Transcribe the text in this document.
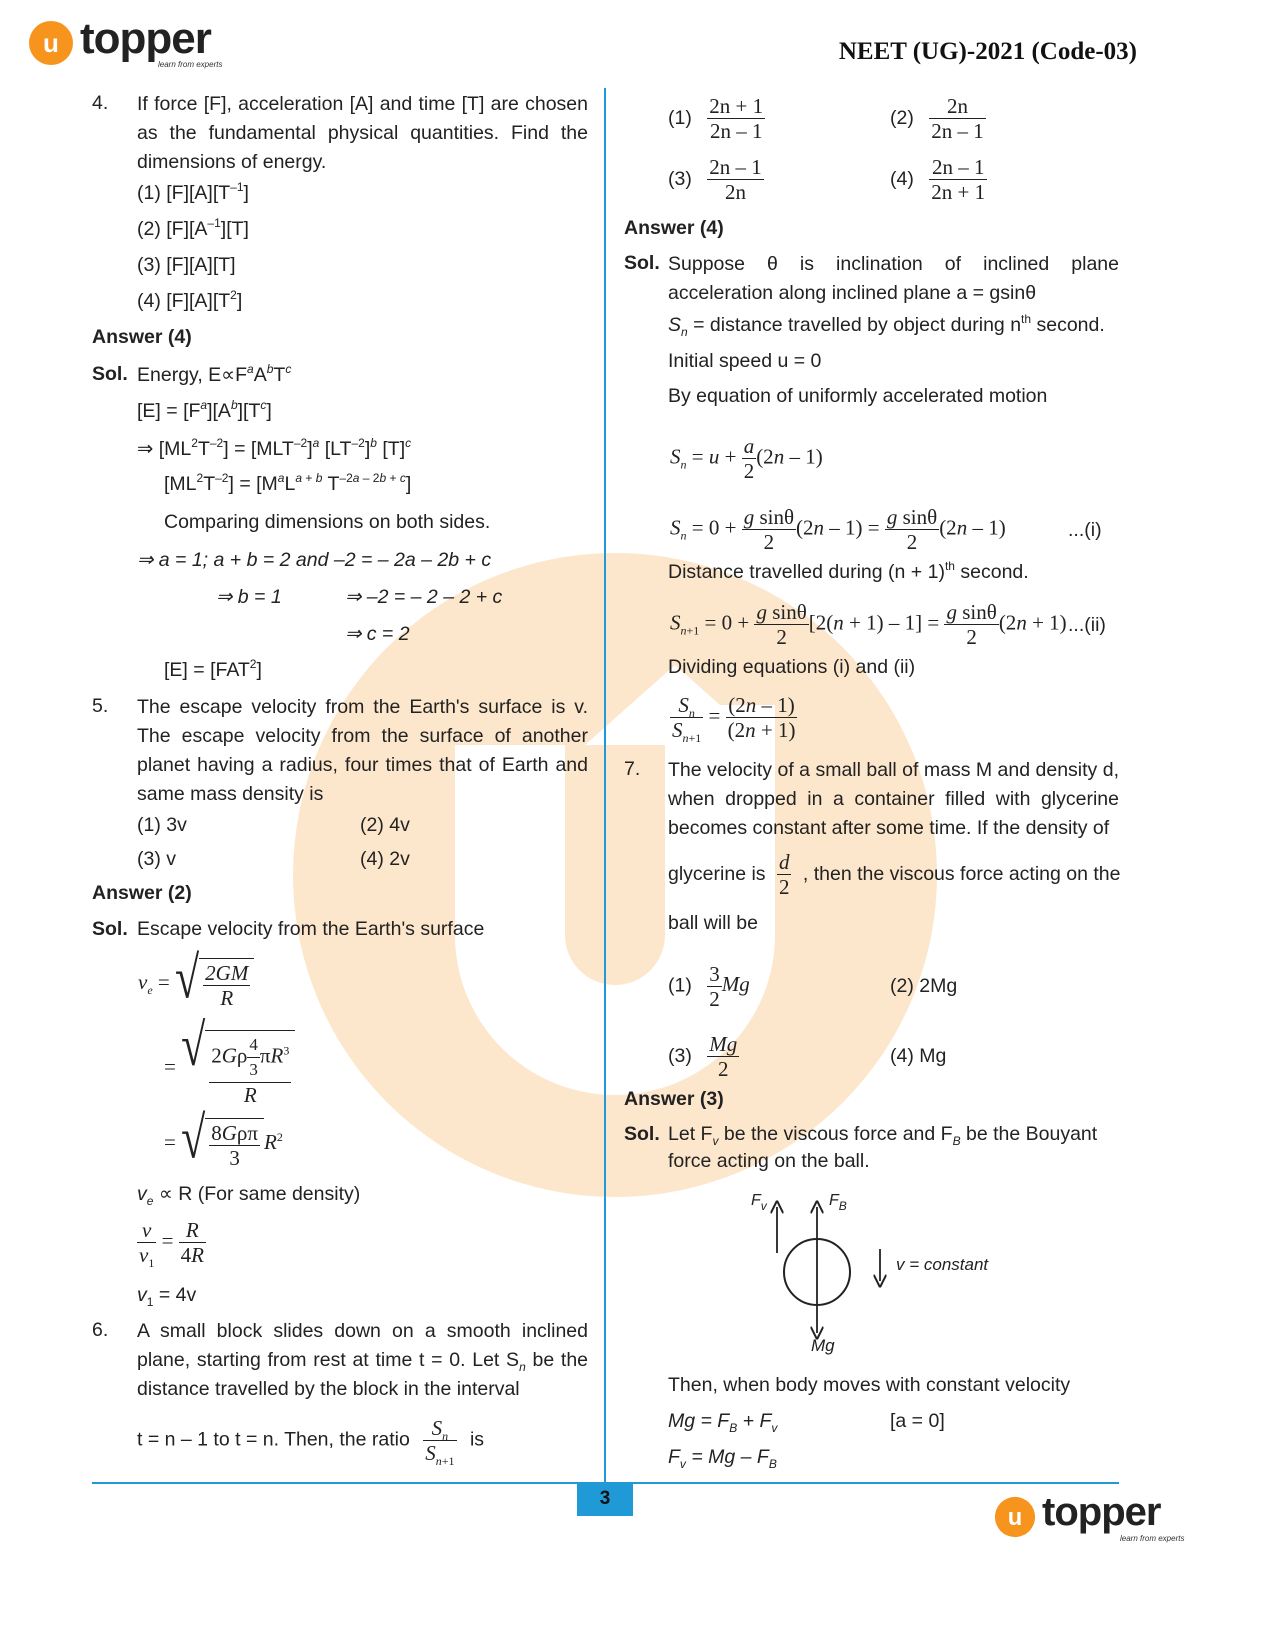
u topper
learn from experts	NEET (UG)-2021 (Code-03)
4. If force [F], acceleration [A] and time [T] are chosen as the fundamental physical quantities. Find the dimensions of energy.
(1) $[F][A][T^{-1}]$
(2) $[F][A^{-1}][T]$
(3) [F][A][T]
(4) $[F][A][T^2]$
Answer (4)
Sol. Energy, $E\propto F^aA^bT^c$
$[E] = [F^a][A^b][T^c]$
⇒ $[ML^2T^{-2}] = [MLT^{-2}]^a$ $[LT^{-2}]^b$ $[T]^c$
$[ML^2T^{-2}] = [M^aL^{a + b}$ $T^{-2a - 2b + c}$]
Comparing dimensions on both sides.
⇒ a = 1; a + b = 2 and –2 = – 2a – 2b + c
⇒ b = 1	⇒ –2 = – 2 – 2 + c
⇒ c = 2
$[E] = [FAT^2]$
5. The escape velocity from the Earth's surface is v. The escape velocity from the surface of another planet having a radius, four times that of Earth and same mass density is
(1) 3v	(2) 4v
(3) v	(4) 2v
Answer (2)
Sol. Escape velocity from the Earth's surface
$v_e$ = √ $\frac{2GM}{R}$
= √ $\frac{2G\rho \frac{4}{3} \pi R^3}{R}$
= √ $\frac{\text{8Gρπ}}{3} R^2$
$v_e \propto R$ (For same density)
$\frac{v}{v_1} = \frac{R}{4R}$
$v_1 = 4v$
6. A small block slides down on a smooth inclined plane, starting from rest at time t = 0. Let $S_n$ be the distance travelled by the block in the interval
t = n – 1 to t = n. Then, the ratio $\frac{S_n}{S_{n+1}}$ is
$(1) \frac{2n + 1}{2n - 1}$	$(2) \frac{2n}{2n - 1}$
$(3) \frac{2n - 1}{2n}$	$(4) \frac{2n - 1}{2n + 1}$
Answer (4)
Sol. Suppose θ is inclination of inclined plane acceleration along inclined plane a = gsinθ
$S_n$ = distance travelled by object during $n^{th}$ second.
Initial speed u = 0
By equation of uniformly accelerated motion
$S_n = u + \frac{a}{2} (2n - 1)$
$S_n = 0 + \frac{\text{g sinθ}}{2} (2n - 1) = \frac{\text{g sinθ}}{2} (2n - 1)$	...(i)
Distance travelled during $(n + 1)^{th}$ second.
$S_{n+1} = 0 + \frac{\text{g sinθ}}{2} [2(n + 1) - 1] = \frac{\text{g sinθ}}{2} (2n + 1)$ ...(ii)
Dividing equations (i) and (ii)
$\frac{S_n}{S_{n+1}} = \frac{(2n - 1)}{(2n + 1)}$
7. The velocity of a small ball of mass M and density d, when dropped in a container filled with glycerine becomes constant after some time. If the density of
glycerine is $\frac{d}{2}$ , then the viscous force acting on the
ball will be
$(1) \frac{3}{2}$ Mg	(2) 2Mg
$(3) \frac{Mg}{2}$	(4) Mg
Answer (3)
Sol. Let $F_v$ be the viscous force and $F_B$ be the Bouyant
force acting on the ball.
$F_v$	$F_B$
v = constant
Mg
Then, when body moves with constant velocity
$Mg = F_B + F_v$	[a = 0]
$F_v = Mg - F_B$
3
u topper
learn from experts
